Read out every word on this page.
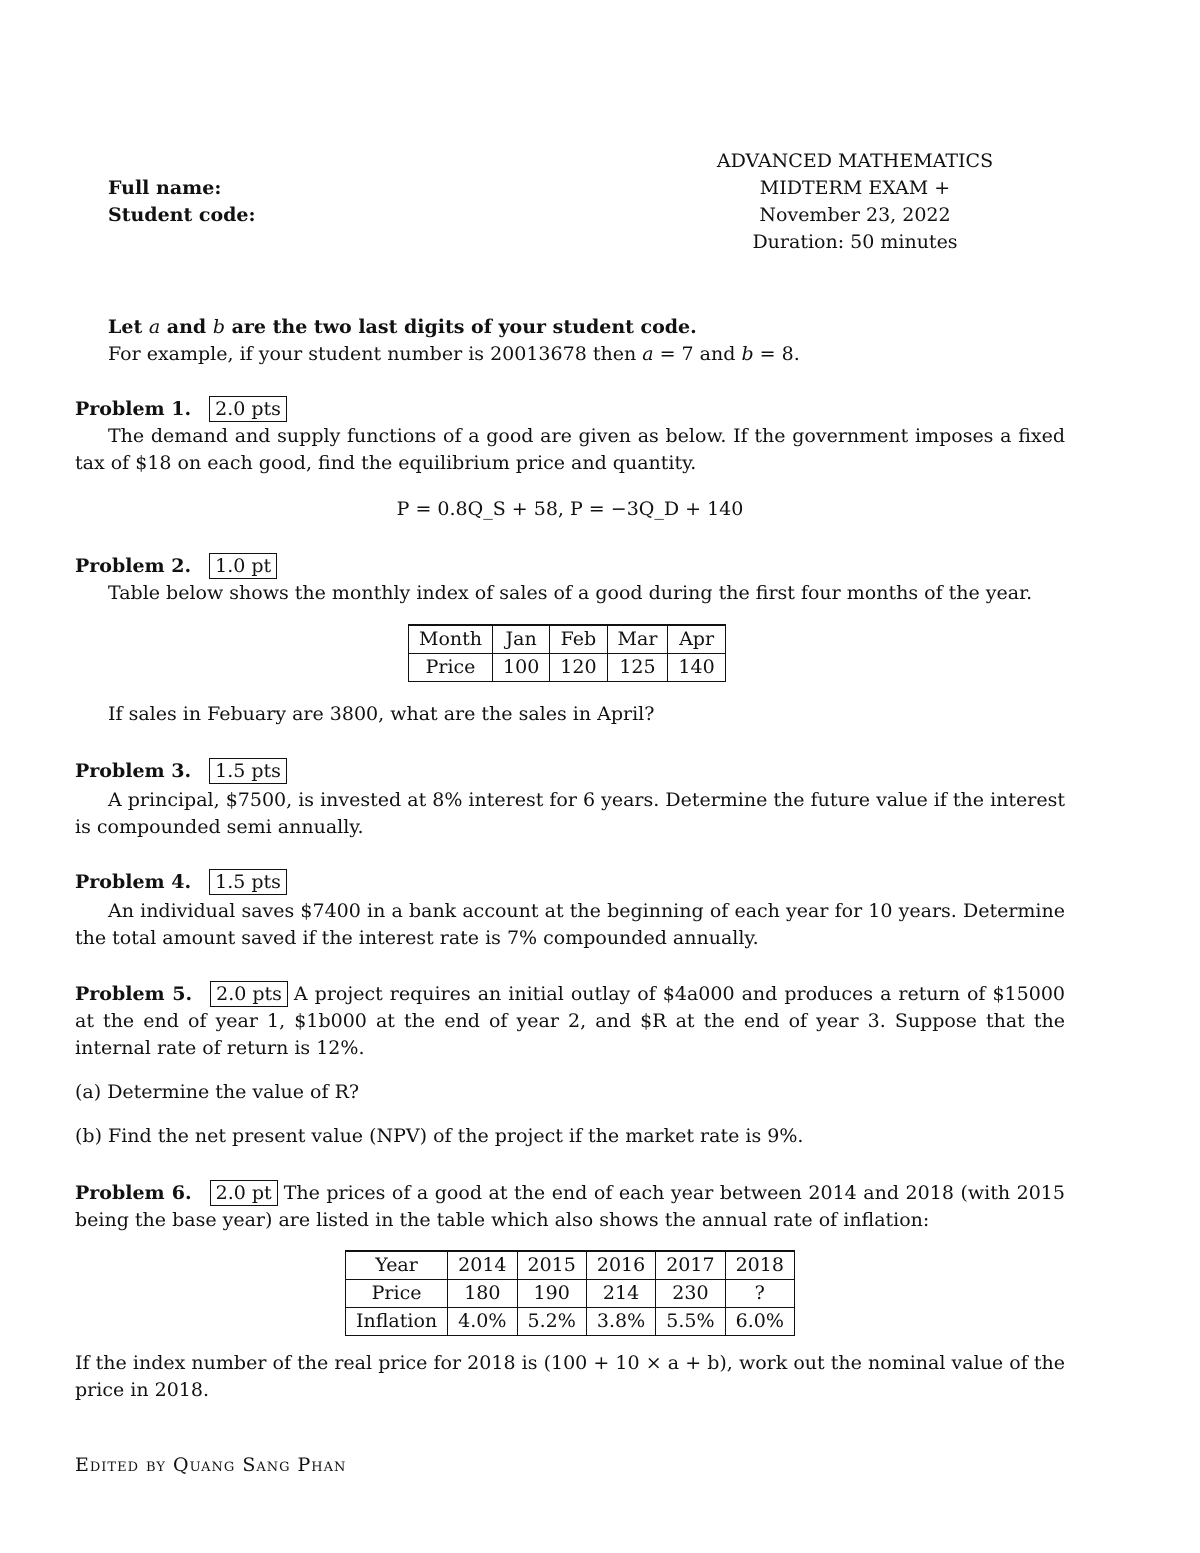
ADVANCED MATHEMATICS
MIDTERM EXAM +
November 23, 2022
Duration: 50 minutes
Full name:
Student code:
Let a and b are the two last digits of your student code.
For example, if your student number is 20013678 then a = 7 and b = 8.
Problem 1. 2.0 pts
The demand and supply functions of a good are given as below. If the government imposes a fixed tax of $18 on each good, find the equilibrium price and quantity.
P = 0.8Q_S + 58, P = −3Q_D + 140
Problem 2. 1.0 pt
Table below shows the monthly index of sales of a good during the first four months of the year.
Month	Jan	Feb	Mar	Apr
Price	100	120	125	140
If sales in Febuary are 3800, what are the sales in April?
Problem 3. 1.5 pts
A principal, $7500, is invested at 8% interest for 6 years. Determine the future value if the interest is compounded semi annually.
Problem 4. 1.5 pts
An individual saves $7400 in a bank account at the beginning of each year for 10 years. Determine the total amount saved if the interest rate is 7% compounded annually.
Problem 5. 2.0 pts A project requires an initial outlay of $4a000 and produces a return of $15000 at the end of year 1, $1b000 at the end of year 2, and $R at the end of year 3. Suppose that the internal rate of return is 12%.
(a) Determine the value of R?
(b) Find the net present value (NPV) of the project if the market rate is 9%.
Problem 6. 2.0 pt The prices of a good at the end of each year between 2014 and 2018 (with 2015 being the base year) are listed in the table which also shows the annual rate of inflation:
Year	2014	2015	2016	2017	2018
Price	180	190	214	230	?
Inflation	4.0%	5.2%	3.8%	5.5%	6.0%
If the index number of the real price for 2018 is (100 + 10 × a + b), work out the nominal value of the price in 2018.
Edited by Quang Sang Phan
